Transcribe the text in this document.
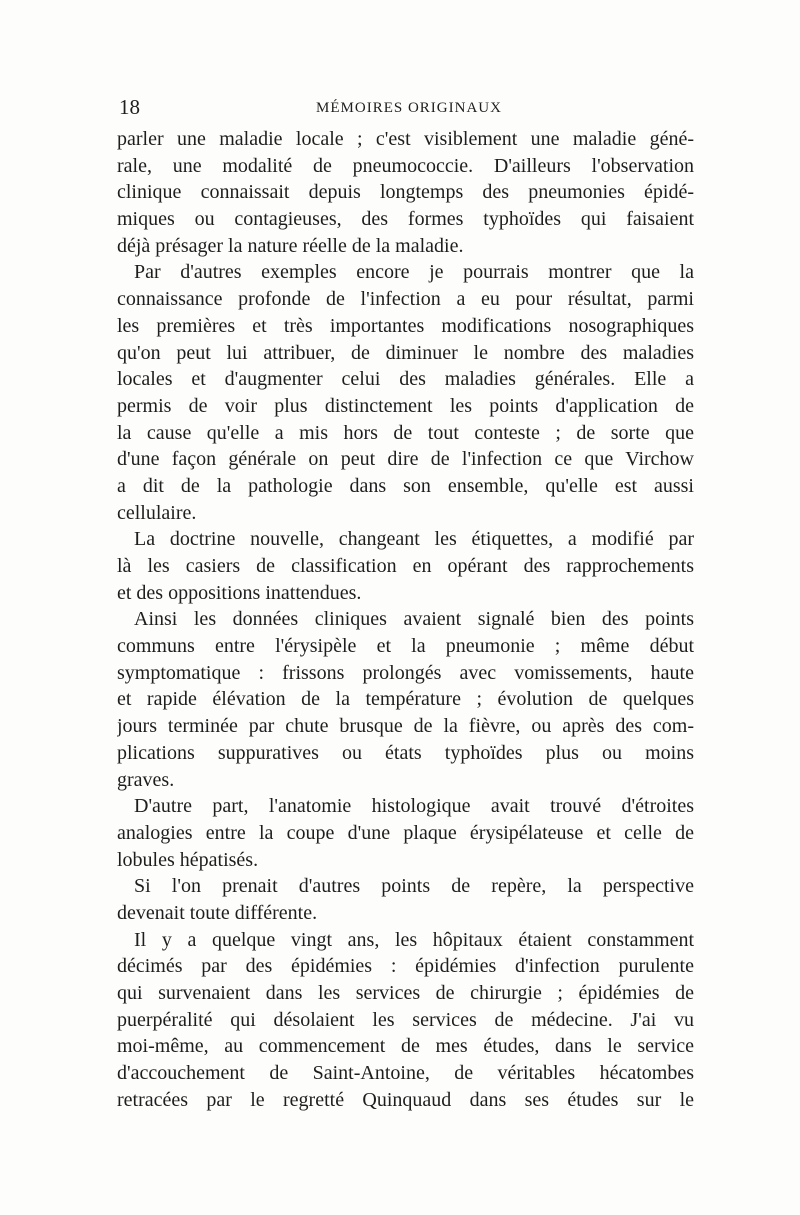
18	MÉMOIRES ORIGINAUX
parler une maladie locale ; c'est visiblement une maladie géné-
rale, une modalité de pneumococcie. D'ailleurs l'observation
clinique connaissait depuis longtemps des pneumonies épidé-
miques ou contagieuses, des formes typhoïdes qui faisaient
déjà présager la nature réelle de la maladie.
Par d'autres exemples encore je pourrais montrer que la
connaissance profonde de l'infection a eu pour résultat, parmi
les premières et très importantes modifications nosographiques
qu'on peut lui attribuer, de diminuer le nombre des maladies
locales et d'augmenter celui des maladies générales. Elle a
permis de voir plus distinctement les points d'application de
la cause qu'elle a mis hors de tout conteste ; de sorte que
d'une façon générale on peut dire de l'infection ce que Virchow
a dit de la pathologie dans son ensemble, qu'elle est aussi
cellulaire.
La doctrine nouvelle, changeant les étiquettes, a modifié par
là les casiers de classification en opérant des rapprochements
et des oppositions inattendues.
Ainsi les données cliniques avaient signalé bien des points
communs entre l'érysipèle et la pneumonie ; même début
symptomatique : frissons prolongés avec vomissements, haute
et rapide élévation de la température ; évolution de quelques
jours terminée par chute brusque de la fièvre, ou après des com-
plications suppuratives ou états typhoïdes plus ou moins
graves.
D'autre part, l'anatomie histologique avait trouvé d'étroites
analogies entre la coupe d'une plaque érysipélateuse et celle de
lobules hépatisés.
Si l'on prenait d'autres points de repère, la perspective
devenait toute différente.
Il y a quelque vingt ans, les hôpitaux étaient constamment
décimés par des épidémies : épidémies d'infection purulente
qui survenaient dans les services de chirurgie ; épidémies de
puerpéralité qui désolaient les services de médecine. J'ai vu
moi-même, au commencement de mes études, dans le service
d'accouchement de Saint-Antoine, de véritables hécatombes
retracées par le regretté Quinquaud dans ses études sur le
